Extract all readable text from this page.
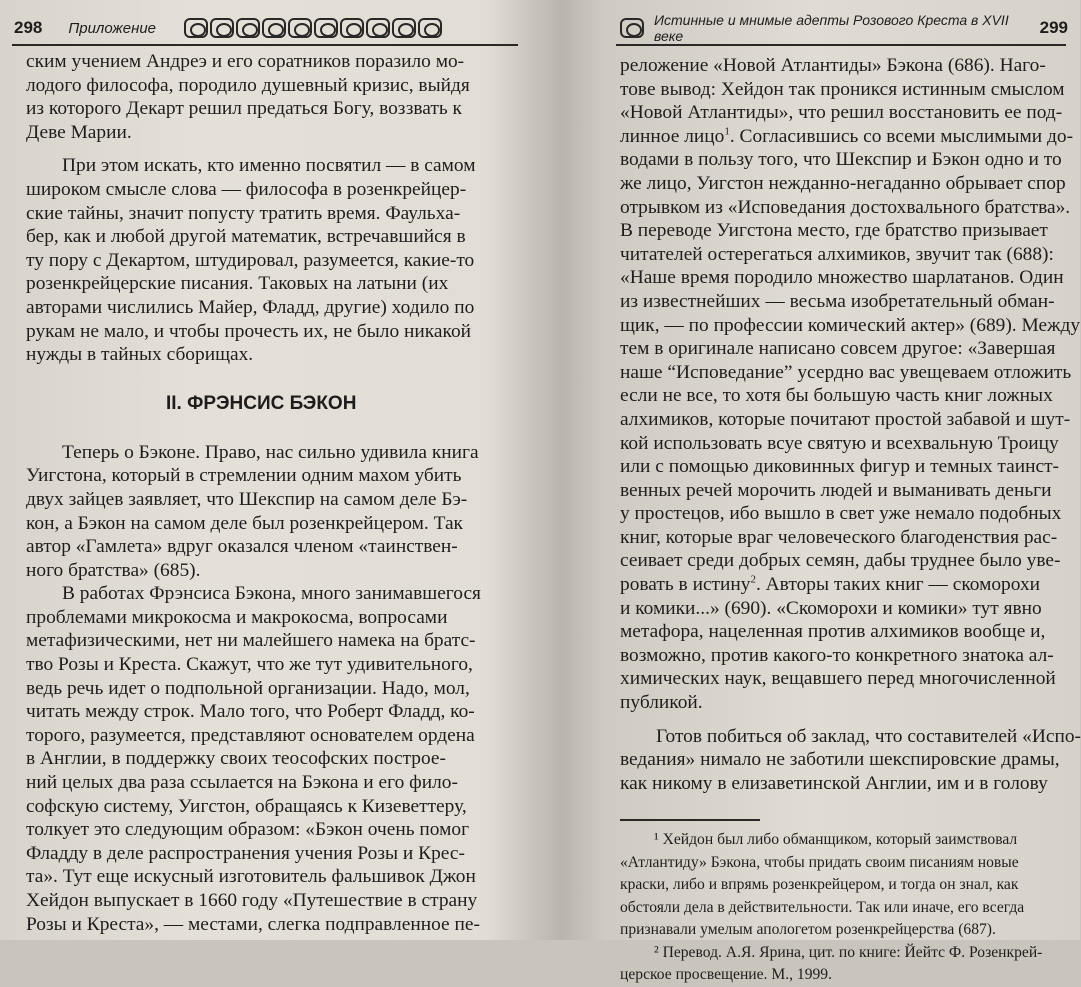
298 Приложение
ским учением Андреэ и его соратников поразило мо-
лодого философа, породило душевный кризис, выйдя
из которого Декарт решил предаться Богу, воззвать к
Деве Марии.
При этом искать, кто именно посвятил — в самом
широком смысле слова — философа в розенкрейцер-
ские тайны, значит попусту тратить время. Фаульха-
бер, как и любой другой математик, встречавшийся в
ту пору с Декартом, штудировал, разумеется, какие-то
розенкрейцерские писания. Таковых на латыни (их
авторами числились Майер, Фладд, другие) ходило по
рукам не мало, и чтобы прочесть их, не было никакой
нужды в тайных сборищах.
II. ФРЭНСИС БЭКОН
Теперь о Бэконе. Право, нас сильно удивила книга
Уигстона, который в стремлении одним махом убить
двух зайцев заявляет, что Шекспир на самом деле Бэ-
кон, а Бэкон на самом деле был розенкрейцером. Так
автор «Гамлета» вдруг оказался членом «таинствен-
ного братства» (685).
В работах Фрэнсиса Бэкона, много занимавшегося
проблемами микрокосма и макрокосма, вопросами
метафизическими, нет ни малейшего намека на братс-
тво Розы и Креста. Скажут, что же тут удивительного,
ведь речь идет о подпольной организации. Надо, мол,
читать между строк. Мало того, что Роберт Фладд, ко-
торого, разумеется, представляют основателем ордена
в Англии, в поддержку своих теософских построе-
ний целых два раза ссылается на Бэкона и его фило-
софскую систему, Уигстон, обращаясь к Кизеветтеру,
толкует это следующим образом: «Бэкон очень помог
Фладду в деле распространения учения Розы и Крес-
та». Тут еще искусный изготовитель фальшивок Джон
Хейдон выпускает в 1660 году «Путешествие в страну
Розы и Креста», — местами, слегка подправленное пе-
Истинные и мнимые адепты Розового Креста в XVII веке	299
реложение «Новой Атлантиды» Бэкона (686). Наго-
тове вывод: Хейдон так проникся истинным смыслом
«Новой Атлантиды», что решил восстановить ее под-
линное лицо$^1$. Согласившись со всеми мыслимыми до-
водами в пользу того, что Шекспир и Бэкон одно и то
же лицо, Уигстон нежданно-негаданно обрывает спор
отрывком из «Исповедания достохвального братства».
В переводе Уигстона место, где братство призывает
читателей остерегаться алхимиков, звучит так (688):
«Наше время породило множество шарлатанов. Один
из известнейших — весьма изобретательный обман-
щик, — по профессии комический актер» (689). Между
тем в оригинале написано совсем другое: «Завершая
наше “Исповедание” усердно вас увещеваем отложить
если не все, то хотя бы большую часть книг ложных
алхимиков, которые почитают простой забавой и шут-
кой использовать всуе святую и всехвальную Троицу
или с помощью диковинных фигур и темных таинст-
венных речей морочить людей и выманивать деньги
у простецов, ибо вышло в свет уже немало подобных
книг, которые враг человеческого благоденствия рас-
сеивает среди добрых семян, дабы труднее было уве-
ровать в истину$^2$. Авторы таких книг — скоморохи
и комики...» (690). «Скоморохи и комики» тут явно
метафора, нацеленная против алхимиков вообще и,
возможно, против какого-то конкретного знатока ал-
химических наук, вещавшего перед многочисленной
публикой.
Готов побиться об заклад, что составителей «Испо-
ведания» нимало не заботили шекспировские драмы,
как никому в елизаветинской Англии, им и в голову
¹ Хейдон был либо обманщиком, который заимствовал
«Атлантиду» Бэкона, чтобы придать своим писаниям новые
краски, либо и впрямь розенкрейцером, и тогда он знал, как
обстояли дела в действительности. Так или иначе, его всегда
признавали умелым апологетом розенкрейцерства (687).
² Перевод. А.Я. Ярина, цит. по книге: Йейтс Ф. Розенкрей-
церское просвещение. М., 1999.
